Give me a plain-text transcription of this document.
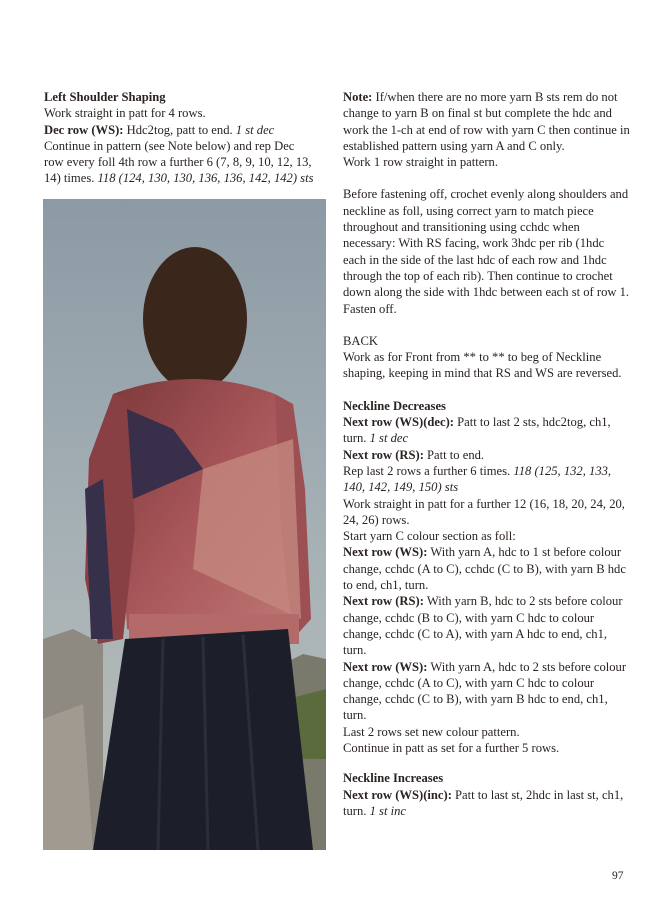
Left Shoulder Shaping

Work straight in patt for 4 rows.

Dec row (WS): Hdc2tog, patt to end. 1 st dec

Continue in pattern (see Note below) and rep Dec

row every foll 4th row a further 6 (7, 8, 9, 10, 12, 13,

14) times. 118 (124, 130, 130, 136, 136, 142, 142) sts

Note: If/when there are no more yarn B sts rem do not change to yarn B on final st but complete the hdc and work the 1-ch at end of row with yarn C then continue in established pattern using yarn A and C only.

Work 1 row straight in pattern.

Before fastening off, crochet evenly along shoulders and neckline as foll, using correct yarn to match piece throughout and transitioning using cchdc when necessary: With RS facing, work 3hdc per rib (1hdc each in the side of the last hdc of each row and 1hdc through the top of each rib). Then continue to crochet down along the side with 1hdc between each st of row 1. Fasten off.

BACK

Work as for Front from ** to ** to beg of Neckline shaping, keeping in mind that RS and WS are reversed.

Neckline Decreases

Next row (WS)(dec): Patt to last 2 sts, hdc2tog, ch1, turn. 1 st dec

Next row (RS): Patt to end.

Rep last 2 rows a further 6 times. 118 (125, 132, 133, 140, 142, 149, 150) sts

Work straight in patt for a further 12 (16, 18, 20, 24, 20, 24, 26) rows.

Start yarn C colour section as foll:

Next row (WS): With yarn A, hdc to 1 st before colour change, cchdc (A to C), cchdc (C to B), with yarn B hdc to end, ch1, turn.

Next row (RS): With yarn B, hdc to 2 sts before colour change, cchdc (B to C), with yarn C hdc to colour change, cchdc (C to A), with yarn A hdc to end, ch1, turn.

Next row (WS): With yarn A, hdc to 2 sts before colour change, cchdc (A to C), with yarn C hdc to colour change, cchdc (C to B), with yarn B hdc to end, ch1, turn.

Last 2 rows set new colour pattern.

Continue in patt as set for a further 5 rows.

Neckline Increases

Next row (WS)(inc): Patt to last st, 2hdc in last st, ch1, turn. 1 st inc

97
